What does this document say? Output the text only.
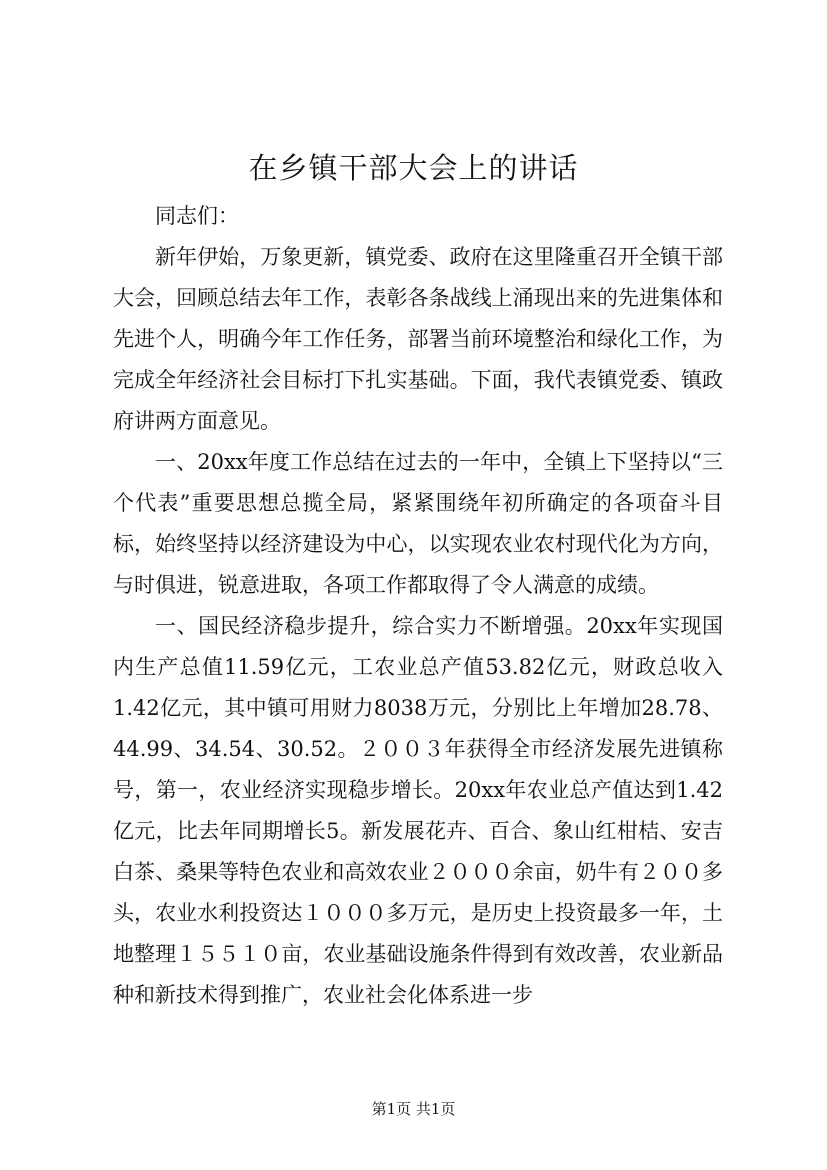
在乡镇干部大会上的讲话

同志们：

新年伊始，万象更新，镇党委、政府在这里隆重召开全镇干部大会，回顾总结去年工作，表彰各条战线上涌现出来的先进集体和先进个人，明确今年工作任务，部署当前环境整治和绿化工作，为完成全年经济社会目标打下扎实基础。下面，我代表镇党委、镇政府讲两方面意见。

一、20xx年度工作总结在过去的一年中，全镇上下坚持以“三个代表”重要思想总揽全局，紧紧围绕年初所确定的各项奋斗目标，始终坚持以经济建设为中心，以实现农业农村现代化为方向，与时俱进，锐意进取，各项工作都取得了令人满意的成绩。

一、国民经济稳步提升，综合实力不断增强。20xx年实现国内生产总值11.59亿元，工农业总产值53.82亿元，财政总收入1.42亿元，其中镇可用财力8038万元，分别比上年增加28.78、44.99、34.54、30.52。２００３年获得全市经济发展先进镇称号，第一，农业经济实现稳步增长。20xx年农业总产值达到1.42亿元，比去年同期增长5。新发展花卉、百合、象山红柑桔、安吉白茶、桑果等特色农业和高效农业２０００余亩，奶牛有２００多头，农业水利投资达１０００多万元，是历史上投资最多一年，土地整理１５５１０亩，农业基础设施条件得到有效改善，农业新品种和新技术得到推广，农业社会化体系进一步

第1页 共1页
